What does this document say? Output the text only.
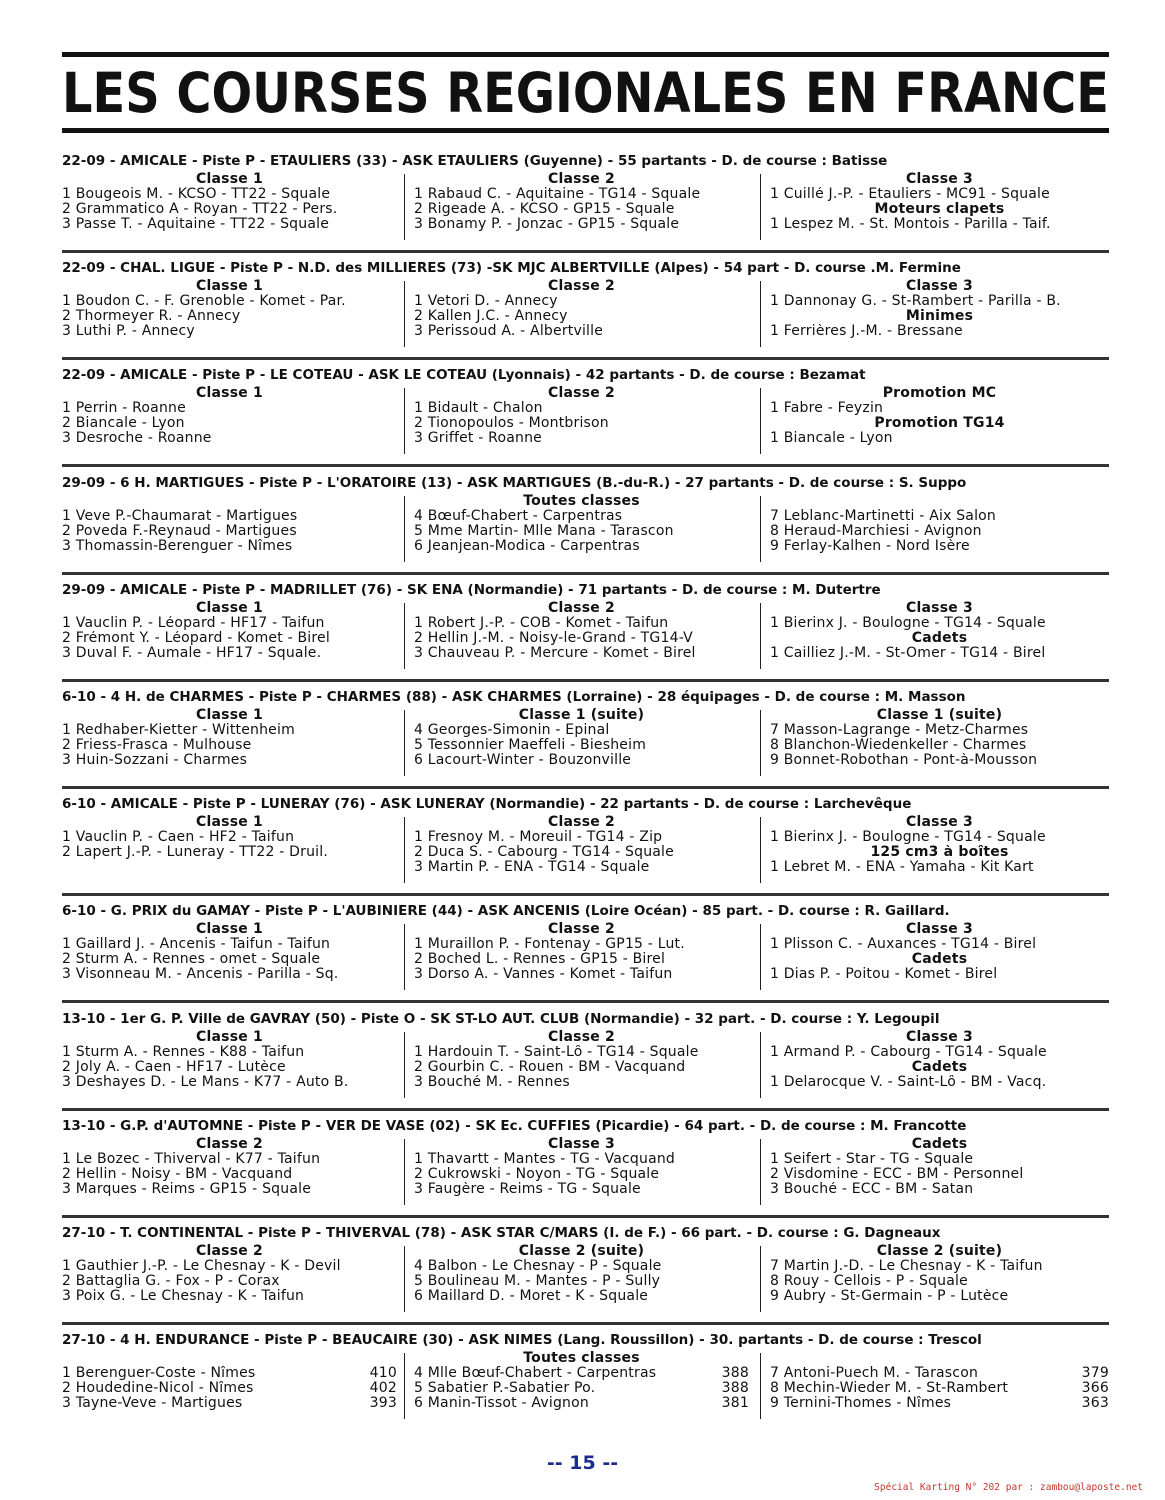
LES COURSES REGIONALES EN FRANCE
22-09 - AMICALE - Piste P - ETAULIERS (33) - ASK ETAULIERS (Guyenne) - 55 partants - D. de course : Batisse
Classe 1
1 Bougeois M. - KCSO - TT22 - Squale
2 Grammatico A - Royan - TT22 - Pers.
3 Passe T. - Aquitaine - TT22 - Squale
Classe 2
1 Rabaud C. - Aquitaine - TG14 - Squale
2 Rigeade A. - KCSO - GP15 - Squale
3 Bonamy P. - Jonzac - GP15 - Squale
Classe 3
1 Cuillé J.-P. - Etauliers - MC91 - Squale
Moteurs clapets
1 Lespez M. - St. Montois - Parilla - Taif.
22-09 - CHAL. LIGUE - Piste P - N.D. des MILLIERES (73) -SK MJC ALBERTVILLE (Alpes) - 54 part - D. course .M. Fermine
Classe 1
1 Boudon C. - F. Grenoble - Komet - Par.
2 Thormeyer R. - Annecy
3 Luthi P. - Annecy
Classe 2
1 Vetori D. - Annecy
2 Kallen J.C. - Annecy
3 Perissoud A. - Albertville
Classe 3
1 Dannonay G. - St-Rambert - Parilla - B.
Minimes
1 Ferrières J.-M. - Bressane
22-09 - AMICALE - Piste P - LE COTEAU - ASK LE COTEAU (Lyonnais) - 42 partants - D. de course : Bezamat
Classe 1
1 Perrin - Roanne
2 Biancale - Lyon
3 Desroche - Roanne
Classe 2
1 Bidault - Chalon
2 Tionopoulos - Montbrison
3 Griffet - Roanne
Promotion MC
1 Fabre - Feyzin
Promotion TG14
1 Biancale - Lyon
29-09 - 6 H. MARTIGUES - Piste P - L'ORATOIRE (13) - ASK MARTIGUES (B.-du-R.) - 27 partants - D. de course : S. Suppo
1 Veve P.-Chaumarat - Martigues
2 Poveda F.-Reynaud - Martigues
3 Thomassin-Berenguer - Nîmes
Toutes classes
4 Bœuf-Chabert - Carpentras
5 Mme Martin- Mlle Mana - Tarascon
6 Jeanjean-Modica - Carpentras
7 Leblanc-Martinetti - Aix Salon
8 Heraud-Marchiesi - Avignon
9 Ferlay-Kalhen - Nord Isère
29-09 - AMICALE - Piste P - MADRILLET (76) - SK ENA (Normandie) - 71 partants - D. de course : M. Dutertre
Classe 1
1 Vauclin P. - Léopard - HF17 - Taifun
2 Frémont Y. - Léopard - Komet - Birel
3 Duval F. - Aumale - HF17 - Squale.
Classe 2
1 Robert J.-P. - COB - Komet - Taifun
2 Hellin J.-M. - Noisy-le-Grand - TG14-V
3 Chauveau P. - Mercure - Komet - Birel
Classe 3
1 Bierinx J. - Boulogne - TG14 - Squale
Cadets
1 Cailliez J.-M. - St-Omer - TG14 - Birel
6-10 - 4 H. de CHARMES - Piste P - CHARMES (88) - ASK CHARMES (Lorraine) - 28 équipages - D. de course : M. Masson
Classe 1
1 Redhaber-Kietter - Wittenheim
2 Friess-Frasca - Mulhouse
3 Huin-Sozzani - Charmes
Classe 1 (suite)
4 Georges-Simonin - Epinal
5 Tessonnier Maeffeli - Biesheim
6 Lacourt-Winter - Bouzonville
Classe 1 (suite)
7 Masson-Lagrange - Metz-Charmes
8 Blanchon-Wiedenkeller - Charmes
9 Bonnet-Robothan - Pont-à-Mousson
6-10 - AMICALE - Piste P - LUNERAY (76) - ASK LUNERAY (Normandie) - 22 partants - D. de course : Larchevêque
Classe 1
1 Vauclin P. - Caen - HF2 - Taifun
2 Lapert J.-P. - Luneray - TT22 - Druil.
Classe 2
1 Fresnoy M. - Moreuil - TG14 - Zip
2 Duca S. - Cabourg - TG14 - Squale
3 Martin P. - ENA - TG14 - Squale
Classe 3
1 Bierinx J. - Boulogne - TG14 - Squale
125 cm3 à boîtes
1 Lebret M. - ENA - Yamaha - Kit Kart
6-10 - G. PRIX du GAMAY - Piste P - L'AUBINIERE (44) - ASK ANCENIS (Loire Océan) - 85 part. - D. course : R. Gaillard.
Classe 1
1 Gaillard J. - Ancenis - Taifun - Taifun
2 Sturm A. - Rennes - omet - Squale
3 Visonneau M. - Ancenis - Parilla - Sq.
Classe 2
1 Muraillon P. - Fontenay - GP15 - Lut.
2 Boched L. - Rennes - GP15 - Birel
3 Dorso A. - Vannes - Komet - Taifun
Classe 3
1 Plisson C. - Auxances - TG14 - Birel
Cadets
1 Dias P. - Poitou - Komet - Birel
13-10 - 1er G. P. Ville de GAVRAY (50) - Piste O - SK ST-LO AUT. CLUB (Normandie) - 32 part. - D. course : Y. Legoupil
Classe 1
1 Sturm A. - Rennes - K88 - Taifun
2 Joly A. - Caen - HF17 - Lutèce
3 Deshayes D. - Le Mans - K77 - Auto B.
Classe 2
1 Hardouin T. - Saint-Lô - TG14 - Squale
2 Gourbin C. - Rouen - BM - Vacquand
3 Bouché M. - Rennes
Classe 3
1 Armand P. - Cabourg - TG14 - Squale
Cadets
1 Delarocque V. - Saint-Lô - BM - Vacq.
13-10 - G.P. d'AUTOMNE - Piste P - VER DE VASE (02) - SK Ec. CUFFIES (Picardie) - 64 part. - D. de course : M. Francotte
Classe 2
1 Le Bozec - Thiverval - K77 - Taifun
2 Hellin - Noisy - BM - Vacquand
3 Marques - Reims - GP15 - Squale
Classe 3
1 Thavartt - Mantes - TG - Vacquand
2 Cukrowski - Noyon - TG - Squale
3 Faugère - Reims - TG - Squale
Cadets
1 Seifert - Star - TG - Squale
2 Visdomine - ECC - BM - Personnel
3 Bouché - ECC - BM - Satan
27-10 - T. CONTINENTAL - Piste P - THIVERVAL (78) - ASK STAR C/MARS (I. de F.) - 66 part. - D. course : G. Dagneaux
Classe 2
1 Gauthier J.-P. - Le Chesnay - K - Devil
2 Battaglia G. - Fox - P - Corax
3 Poix G. - Le Chesnay - K - Taifun
Classe 2 (suite)
4 Balbon - Le Chesnay - P - Squale
5 Boulineau M. - Mantes - P - Sully
6 Maillard D. - Moret - K - Squale
Classe 2 (suite)
7 Martin J.-D. - Le Chesnay - K - Taifun
8 Rouy - Cellois - P - Squale
9 Aubry - St-Germain - P - Lutèce
27-10 - 4 H. ENDURANCE - Piste P - BEAUCAIRE (30) - ASK NIMES (Lang. Roussillon) - 30. partants - D. de course : Trescol
1 Berenguer-Coste - Nîmes	410
2 Houdedine-Nicol - Nîmes	402
3 Tayne-Veve - Martigues	393
Toutes classes
4 Mlle Bœuf-Chabert - Carpentras	388
5 Sabatier P.-Sabatier Po.	388
6 Manin-Tissot - Avignon	381
7 Antoni-Puech M. - Tarascon	379
8 Mechin-Wieder M. - St-Rambert	366
9 Ternini-Thomes - Nîmes	363
-- 15 --
Spécial Karting N° 202 par : zambou@laposte.net
